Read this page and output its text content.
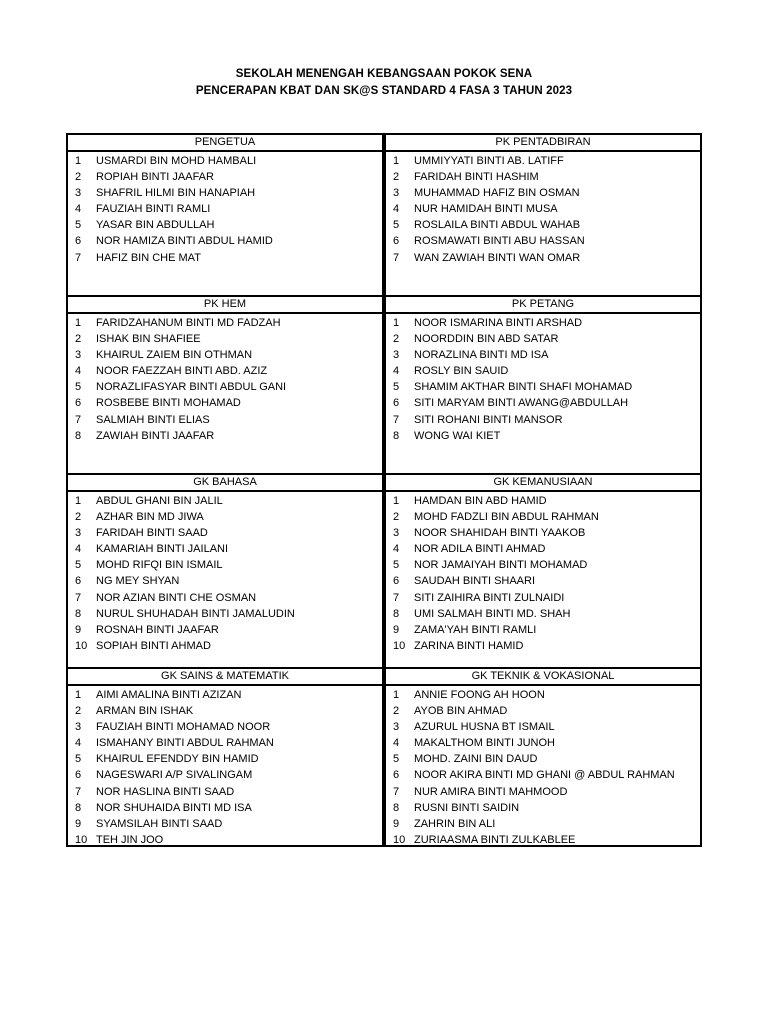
SEKOLAH MENENGAH KEBANGSAAN POKOK SENA
PENCERAPAN KBAT DAN SK@S STANDARD 4 FASA 3 TAHUN 2023
PENGETUA
1	USMARDI BIN MOHD HAMBALI
2	ROPIAH BINTI JAAFAR
3	SHAFRIL HILMI BIN HANAPIAH
4	FAUZIAH BINTI RAMLI
5	YASAR BIN ABDULLAH
6	NOR HAMIZA BINTI ABDUL HAMID
7	HAFIZ BIN CHE MAT
PK PENTADBIRAN
1	UMMIYYATI BINTI AB. LATIFF
2	FARIDAH BINTI HASHIM
3	MUHAMMAD HAFIZ BIN OSMAN
4	NUR HAMIDAH BINTI MUSA
5	ROSLAILA BINTI ABDUL WAHAB
6	ROSMAWATI BINTI ABU HASSAN
7	WAN ZAWIAH BINTI WAN OMAR
PK HEM
1	FARIDZAHANUM BINTI MD FADZAH
2	ISHAK BIN SHAFIEE
3	KHAIRUL ZAIEM BIN OTHMAN
4	NOOR FAEZZAH BINTI ABD. AZIZ
5	NORAZLIFASYAR BINTI ABDUL GANI
6	ROSBEBE BINTI MOHAMAD
7	SALMIAH BINTI ELIAS
8	ZAWIAH BINTI JAAFAR
PK PETANG
1	NOOR ISMARINA BINTI ARSHAD
2	NOORDDIN BIN ABD SATAR
3	NORAZLINA BINTI MD ISA
4	ROSLY BIN SAUID
5	SHAMIM AKTHAR BINTI SHAFI MOHAMAD
6	SITI MARYAM BINTI AWANG@ABDULLAH
7	SITI ROHANI BINTI MANSOR
8	WONG WAI KIET
GK BAHASA
1	ABDUL GHANI BIN JALIL
2	AZHAR BIN MD JIWA
3	FARIDAH BINTI SAAD
4	KAMARIAH BINTI JAILANI
5	MOHD RIFQI BIN ISMAIL
6	NG MEY SHYAN
7	NOR AZIAN BINTI CHE OSMAN
8	NURUL SHUHADAH BINTI JAMALUDIN
9	ROSNAH BINTI JAAFAR
10 SOPIAH BINTI AHMAD
GK KEMANUSIAAN
1	HAMDAN BIN ABD HAMID
2	MOHD FADZLI BIN ABDUL RAHMAN
3	NOOR SHAHIDAH BINTI YAAKOB
4	NOR ADILA BINTI AHMAD
5	NOR JAMAIYAH BINTI MOHAMAD
6	SAUDAH BINTI SHAARI
7	SITI ZAIHIRA BINTI ZULNAIDI
8	UMI SALMAH BINTI MD. SHAH
9	ZAMA'YAH BINTI RAMLI
10 ZARINA BINTI HAMID
GK SAINS & MATEMATIK
1	AIMI AMALINA BINTI AZIZAN
2	ARMAN BIN ISHAK
3	FAUZIAH BINTI MOHAMAD NOOR
4	ISMAHANY BINTI ABDUL RAHMAN
5	KHAIRUL EFENDDY BIN HAMID
6	NAGESWARI A/P SIVALINGAM
7	NOR HASLINA BINTI SAAD
8	NOR SHUHAIDA BINTI MD ISA
9	SYAMSILAH BINTI SAAD
10 TEH JIN JOO
GK TEKNIK & VOKASIONAL
1	ANNIE FOONG AH HOON
2	AYOB BIN AHMAD
3	AZURUL HUSNA BT ISMAIL
4	MAKALTHOM BINTI JUNOH
5	MOHD. ZAINI BIN DAUD
6	NOOR AKIRA BINTI MD GHANI @ ABDUL RAHMAN
7	NUR AMIRA BINTI MAHMOOD
8	RUSNI BINTI SAIDIN
9	ZAHRIN BIN ALI
10 ZURIAASMA BINTI ZULKABLEE
